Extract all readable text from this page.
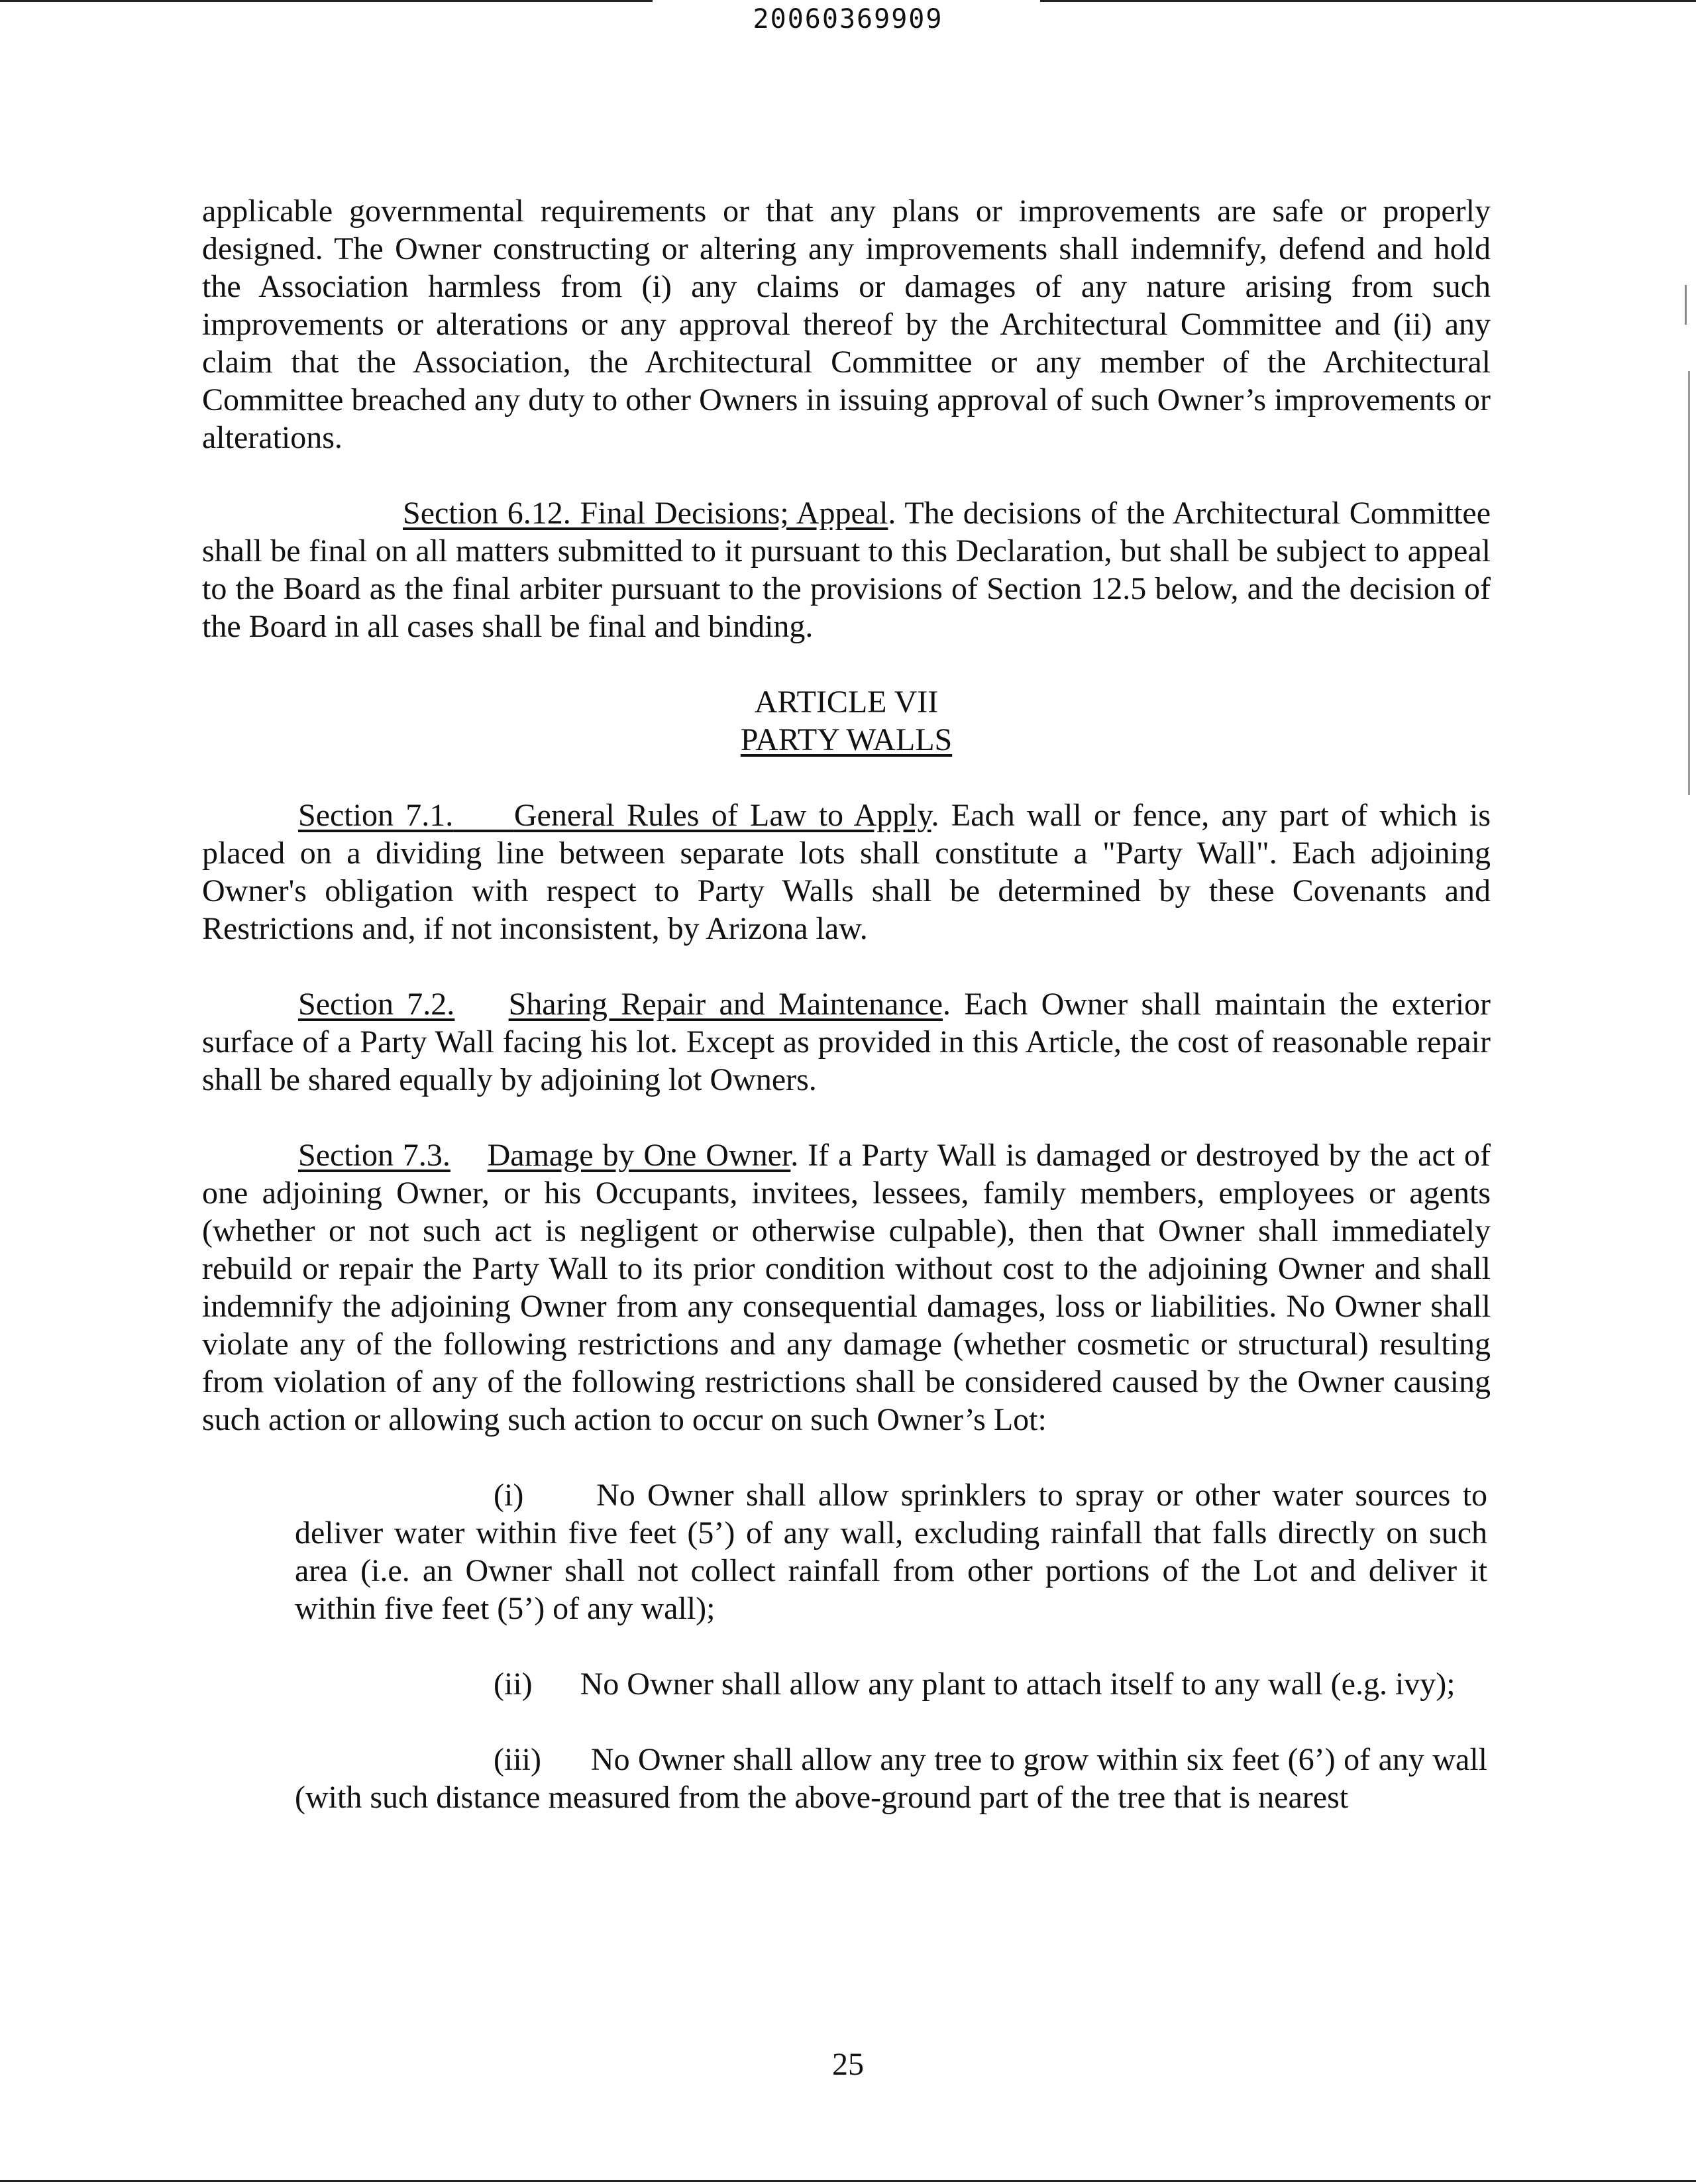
20060369909

applicable governmental requirements or that any plans or improvements are safe or properly designed. The Owner constructing or altering any improvements shall indemnify, defend and hold the Association harmless from (i) any claims or damages of any nature arising from such improvements or alterations or any approval thereof by the Architectural Committee and (ii) any claim that the Association, the Architectural Committee or any member of the Architectural Committee breached any duty to other Owners in issuing approval of such Owner’s improvements or alterations.

Section 6.12. Final Decisions; Appeal. The decisions of the Architectural Committee shall be final on all matters submitted to it pursuant to this Declaration, but shall be subject to appeal to the Board as the final arbiter pursuant to the provisions of Section 12.5 below, and the decision of the Board in all cases shall be final and binding.

ARTICLE VII
PARTY WALLS

Section 7.1. General Rules of Law to Apply. Each wall or fence, any part of which is placed on a dividing line between separate lots shall constitute a "Party Wall". Each adjoining Owner's obligation with respect to Party Walls shall be determined by these Covenants and Restrictions and, if not inconsistent, by Arizona law.

Section 7.2. Sharing Repair and Maintenance. Each Owner shall maintain the exterior surface of a Party Wall facing his lot. Except as provided in this Article, the cost of reasonable repair shall be shared equally by adjoining lot Owners.

Section 7.3. Damage by One Owner. If a Party Wall is damaged or destroyed by the act of one adjoining Owner, or his Occupants, invitees, lessees, family members, employees or agents (whether or not such act is negligent or otherwise culpable), then that Owner shall immediately rebuild or repair the Party Wall to its prior condition without cost to the adjoining Owner and shall indemnify the adjoining Owner from any consequential damages, loss or liabilities. No Owner shall violate any of the following restrictions and any damage (whether cosmetic or structural) resulting from violation of any of the following restrictions shall be considered caused by the Owner causing such action or allowing such action to occur on such Owner’s Lot:

(i) No Owner shall allow sprinklers to spray or other water sources to deliver water within five feet (5’) of any wall, excluding rainfall that falls directly on such area (i.e. an Owner shall not collect rainfall from other portions of the Lot and deliver it within five feet (5’) of any wall);

(ii) No Owner shall allow any plant to attach itself to any wall (e.g. ivy);

(iii) No Owner shall allow any tree to grow within six feet (6’) of any wall (with such distance measured from the above-ground part of the tree that is nearest

25
